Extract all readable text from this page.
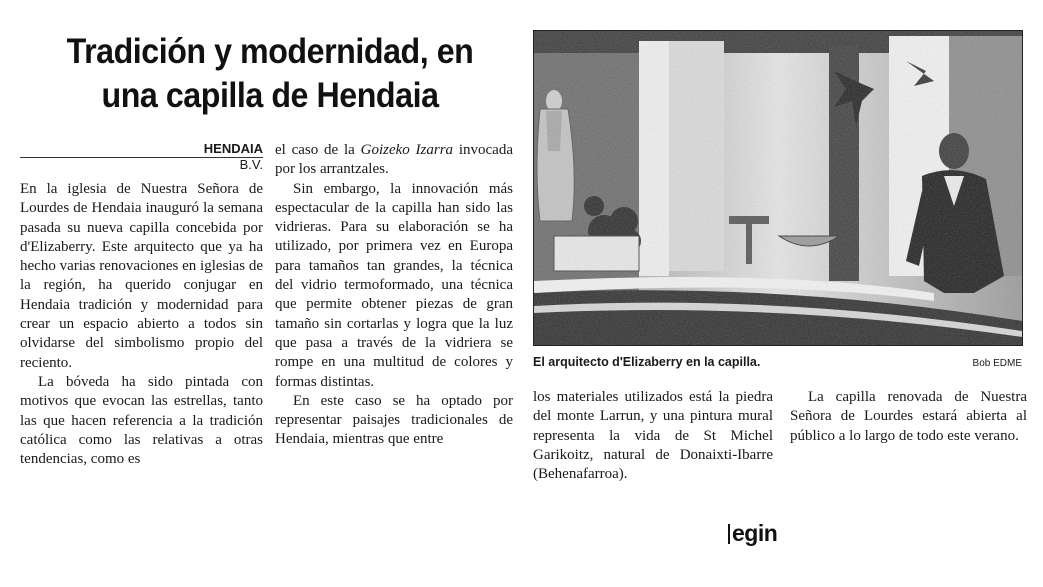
Tradición y modernidad, en
una capilla de Hendaia
HENDAIA
B.V.

En la iglesia de Nuestra Señora de Lourdes de Hendaia inauguró la semana pasada su nueva capilla concebida por d'Elizaberry. Este arquitecto que ya ha hecho varias renovaciones en iglesias de la región, ha querido conjugar en Hendaia tradición y modernidad para crear un espacio abierto a todos sin olvidarse del simbolismo propio del reciento.

La bóveda ha sido pintada con motivos que evocan las estrellas, tanto las que hacen referencia a la tradición católica como las relativas a otras tendencias, como es

el caso de la Goizeko Izarra invocada por los arrantzales.

Sin embargo, la innovación más espectacular de la capilla han sido las vidrieras. Para su elaboración se ha utilizado, por primera vez en Europa para tamaños tan grandes, la técnica del vidrio termoformado, una técnica que permite obtener piezas de gran tamaño sin cortarlas y logra que la luz que pasa a través de la vidriera se rompe en una multitud de colores y formas distintas.

En este caso se ha optado por representar paisajes tradicionales de Hendaia, mientras que entre

El arquitecto d'Elizaberry en la capilla.	Bob EDME

los materiales utilizados está la piedra del monte Larrun, y una pintura mural representa la vida de St Michel Garikoitz, natural de Donaixti-Ibarre (Behenafarroa).

La capilla renovada de Nuestra Señora de Lourdes estará abierta al público a lo largo de todo este verano.

egin
